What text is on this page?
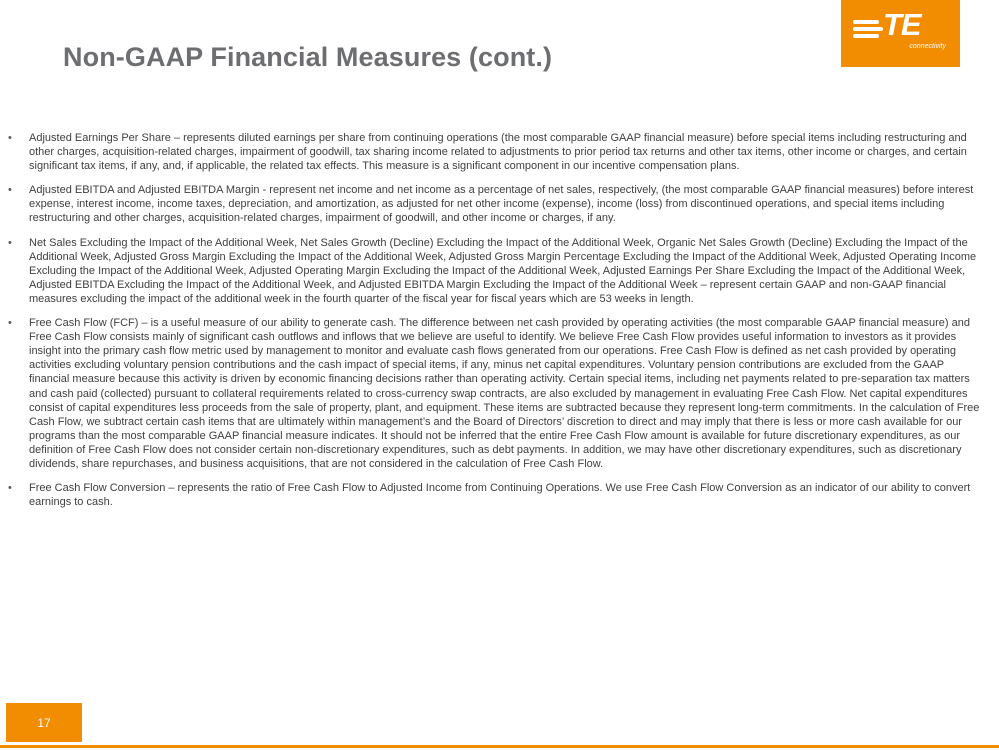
Non-GAAP Financial Measures (cont.)
TE
connectivity
• Adjusted Earnings Per Share – represents diluted earnings per share from continuing operations (the most comparable GAAP financial measure) before special items including restructuring and other charges, acquisition-related charges, impairment of goodwill, tax sharing income related to adjustments to prior period tax returns and other tax items, other income or charges, and certain significant tax items, if any, and, if applicable, the related tax effects. This measure is a significant component in our incentive compensation plans.
• Adjusted EBITDA and Adjusted EBITDA Margin - represent net income and net income as a percentage of net sales, respectively, (the most comparable GAAP financial measures) before interest expense, interest income, income taxes, depreciation, and amortization, as adjusted for net other income (expense), income (loss) from discontinued operations, and special items including restructuring and other charges, acquisition-related charges, impairment of goodwill, and other income or charges, if any.
• Net Sales Excluding the Impact of the Additional Week, Net Sales Growth (Decline) Excluding the Impact of the Additional Week, Organic Net Sales Growth (Decline) Excluding the Impact of the Additional Week, Adjusted Gross Margin Excluding the Impact of the Additional Week, Adjusted Gross Margin Percentage Excluding the Impact of the Additional Week, Adjusted Operating Income Excluding the Impact of the Additional Week, Adjusted Operating Margin Excluding the Impact of the Additional Week, Adjusted Earnings Per Share Excluding the Impact of the Additional Week, Adjusted EBITDA Excluding the Impact of the Additional Week, and Adjusted EBITDA Margin Excluding the Impact of the Additional Week – represent certain GAAP and non-GAAP financial measures excluding the impact of the additional week in the fourth quarter of the fiscal year for fiscal years which are 53 weeks in length.
• Free Cash Flow (FCF) – is a useful measure of our ability to generate cash. The difference between net cash provided by operating activities (the most comparable GAAP financial measure) and Free Cash Flow consists mainly of significant cash outflows and inflows that we believe are useful to identify. We believe Free Cash Flow provides useful information to investors as it provides insight into the primary cash flow metric used by management to monitor and evaluate cash flows generated from our operations. Free Cash Flow is defined as net cash provided by operating activities excluding voluntary pension contributions and the cash impact of special items, if any, minus net capital expenditures. Voluntary pension contributions are excluded from the GAAP financial measure because this activity is driven by economic financing decisions rather than operating activity. Certain special items, including net payments related to pre-separation tax matters and cash paid (collected) pursuant to collateral requirements related to cross-currency swap contracts, are also excluded by management in evaluating Free Cash Flow. Net capital expenditures consist of capital expenditures less proceeds from the sale of property, plant, and equipment. These items are subtracted because they represent long-term commitments. In the calculation of Free Cash Flow, we subtract certain cash items that are ultimately within management’s and the Board of Directors’ discretion to direct and may imply that there is less or more cash available for our programs than the most comparable GAAP financial measure indicates. It should not be inferred that the entire Free Cash Flow amount is available for future discretionary expenditures, as our definition of Free Cash Flow does not consider certain non-discretionary expenditures, such as debt payments. In addition, we may have other discretionary expenditures, such as discretionary dividends, share repurchases, and business acquisitions, that are not considered in the calculation of Free Cash Flow.
• Free Cash Flow Conversion – represents the ratio of Free Cash Flow to Adjusted Income from Continuing Operations. We use Free Cash Flow Conversion as an indicator of our ability to convert earnings to cash.
17
